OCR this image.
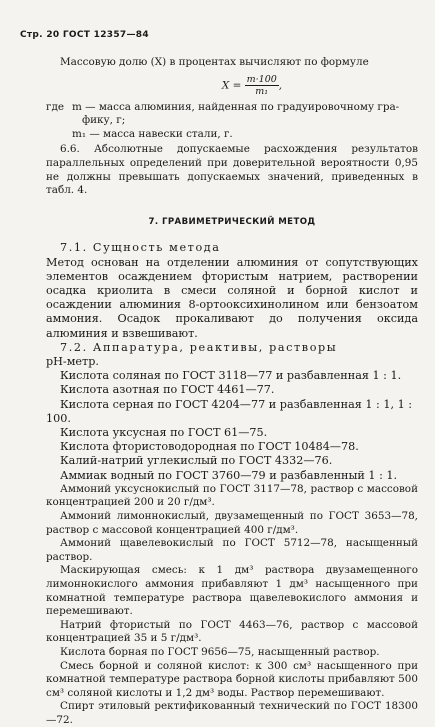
Стр. 20 ГОСТ 12357—84

Массовую долю (X) в процентах вычисляют по формуле

$X = \frac{m\cdot 100}{\text{m₁}}$ ,
где m — масса алюминия, найденная по градуировочному гра-

фику, г;

m₁ — масса навески стали, г.

6.6. Абсолютные допускаемые расхождения результатов параллельных определений при доверительной вероятности 0,95 не должны превышать допускаемых значений, приведенных в табл. 4.

7. ГРАВИМЕТРИЧЕСКИЙ МЕТОД

7.1. Сущность метода

Метод основан на отделении алюминия от сопутствующих элементов осаждением фтористым натрием, растворении осадка криолита в смеси соляной и борной кислот и осаждении алюминия 8-ортооксихинолином или бензоатом аммония. Осадок прокаливают до получения оксида алюминия и взвешивают.

7.2. Аппаратура, реактивы, растворы

рН-метр.

Кислота соляная по ГОСТ 3118—77 и разбавленная 1 : 1.

Кислота азотная по ГОСТ 4461—77.

Кислота серная по ГОСТ 4204—77 и разбавленная 1 : 1, 1 : 100.

Кислота уксусная по ГОСТ 61—75.

Кислота фтористоводородная по ГОСТ 10484—78.

Калий-натрий углекислый по ГОСТ 4332—76.

Аммиак водный по ГОСТ 3760—79 и разбавленный 1 : 1.

Аммоний уксуснокислый по ГОСТ 3117—78, раствор с массовой концентрацией 200 и 20 г/дм³.

Аммоний лимоннокислый, двузамещенный по ГОСТ 3653—78, раствор с массовой концентрацией 400 г/дм³.

Аммоний щавелевокислый по ГОСТ 5712—78, насыщенный раствор.

Маскирующая смесь: к 1 дм³ раствора двузамещенного лимоннокислого аммония прибавляют 1 дм³ насыщенного при комнатной температуре раствора щавелевокислого аммония и перемешивают.

Натрий фтористый по ГОСТ 4463—76, раствор с массовой концентрацией 35 и 5 г/дм³.

Кислота борная по ГОСТ 9656—75, насыщенный раствор.

Смесь борной и соляной кислот: к 300 см³ насыщенного при комнатной температуре раствора борной кислоты прибавляют 500 см³ соляной кислоты и 1,2 дм³ воды. Раствор перемешивают.

Спирт этиловый ректификованный технический по ГОСТ 18300—72.
